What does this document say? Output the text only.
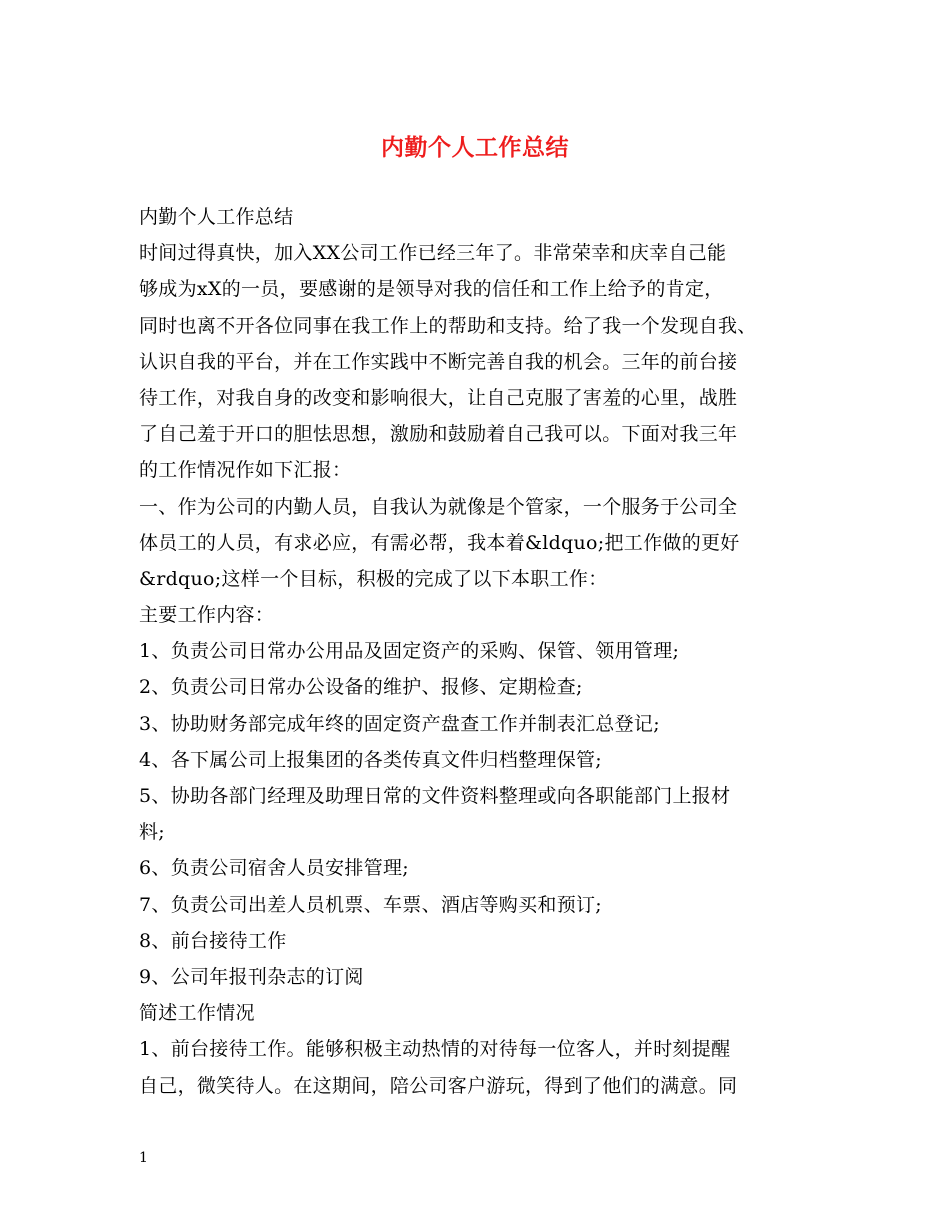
内勤个人工作总结
内勤个人工作总结
时间过得真快，加入XX公司工作已经三年了。非常荣幸和庆幸自己能
够成为xX的一员，要感谢的是领导对我的信任和工作上给予的肯定，
同时也离不开各位同事在我工作上的帮助和支持。给了我一个发现自我、
认识自我的平台，并在工作实践中不断完善自我的机会。三年的前台接
待工作，对我自身的改变和影响很大，让自己克服了害羞的心里，战胜
了自己羞于开口的胆怯思想，激励和鼓励着自己我可以。下面对我三年
的工作情况作如下汇报：
一、作为公司的内勤人员，自我认为就像是个管家，一个服务于公司全
体员工的人员，有求必应，有需必帮，我本着&ldquo;把工作做的更好
&rdquo;这样一个目标，积极的完成了以下本职工作：
主要工作内容：
1、负责公司日常办公用品及固定资产的采购、保管、领用管理;
2、负责公司日常办公设备的维护、报修、定期检查;
3、协助财务部完成年终的固定资产盘查工作并制表汇总登记;
4、各下属公司上报集团的各类传真文件归档整理保管;
5、协助各部门经理及助理日常的文件资料整理或向各职能部门上报材
料;
6、负责公司宿舍人员安排管理;
7、负责公司出差人员机票、车票、酒店等购买和预订;
8、前台接待工作
9、公司年报刊杂志的订阅
简述工作情况
1、前台接待工作。能够积极主动热情的对待每一位客人，并时刻提醒
自己，微笑待人。在这期间，陪公司客户游玩，得到了他们的满意。同
1
